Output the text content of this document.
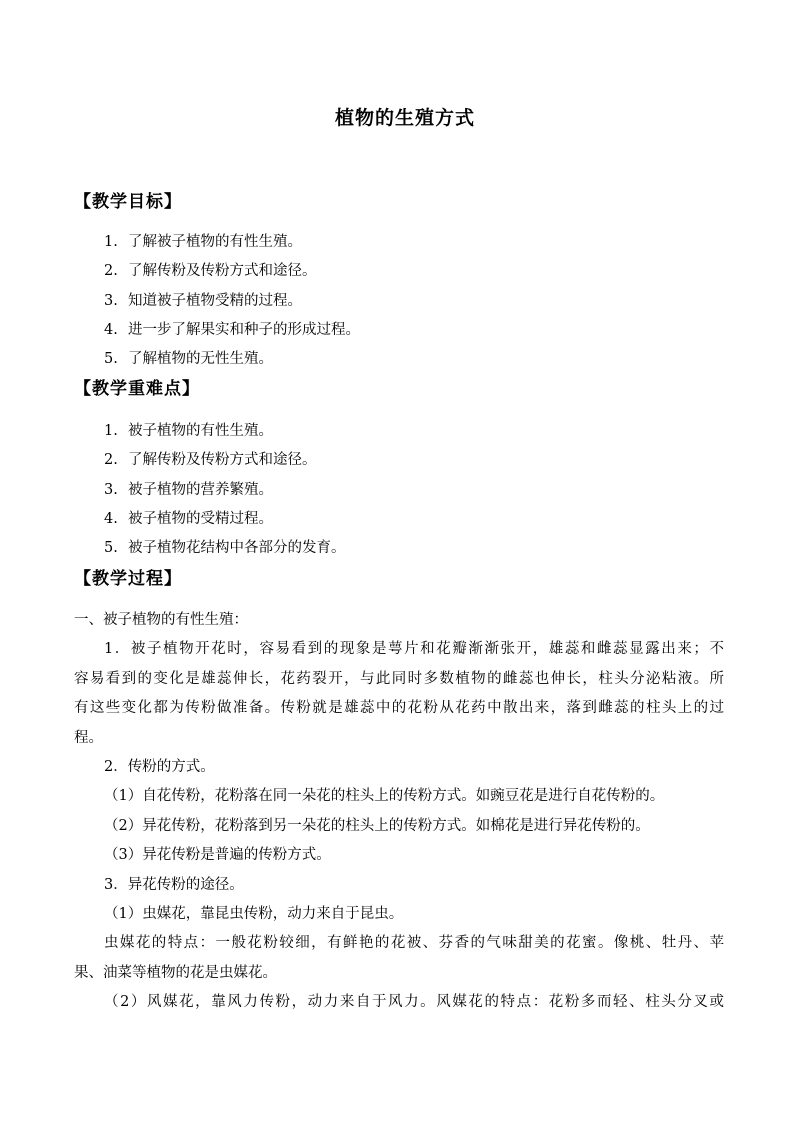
植物的生殖方式
【教学目标】
1. 了解被子植物的有性生殖。
2. 了解传粉及传粉方式和途径。
3. 知道被子植物受精的过程。
4. 进一步了解果实和种子的形成过程。
5. 了解植物的无性生殖。
【教学重难点】
1. 被子植物的有性生殖。
2. 了解传粉及传粉方式和途径。
3. 被子植物的营养繁殖。
4. 被子植物的受精过程。
5. 被子植物花结构中各部分的发育。
【教学过程】
一、被子植物的有性生殖：
1．被子植物开花时，容易看到的现象是萼片和花瓣渐渐张开，雄蕊和雌蕊显露出来；不
容易看到的变化是雄蕊伸长，花药裂开，与此同时多数植物的雌蕊也伸长，柱头分泌粘液。所
有这些变化都为传粉做准备。传粉就是雄蕊中的花粉从花药中散出来，落到雌蕊的柱头上的过
程。
2．传粉的方式。
（1）自花传粉，花粉落在同一朵花的柱头上的传粉方式。如豌豆花是进行自花传粉的。
（2）异花传粉，花粉落到另一朵花的柱头上的传粉方式。如棉花是进行异花传粉的。
（3）异花传粉是普遍的传粉方式。
3．异花传粉的途径。
（1）虫媒花，靠昆虫传粉，动力来自于昆虫。
虫媒花的特点：一般花粉较细，有鲜艳的花被、芬香的气味甜美的花蜜。像桃、牡丹、苹
果、油菜等植物的花是虫媒花。
（2）风媒花，靠风力传粉，动力来自于风力。风媒花的特点：花粉多而轻、柱头分叉或
